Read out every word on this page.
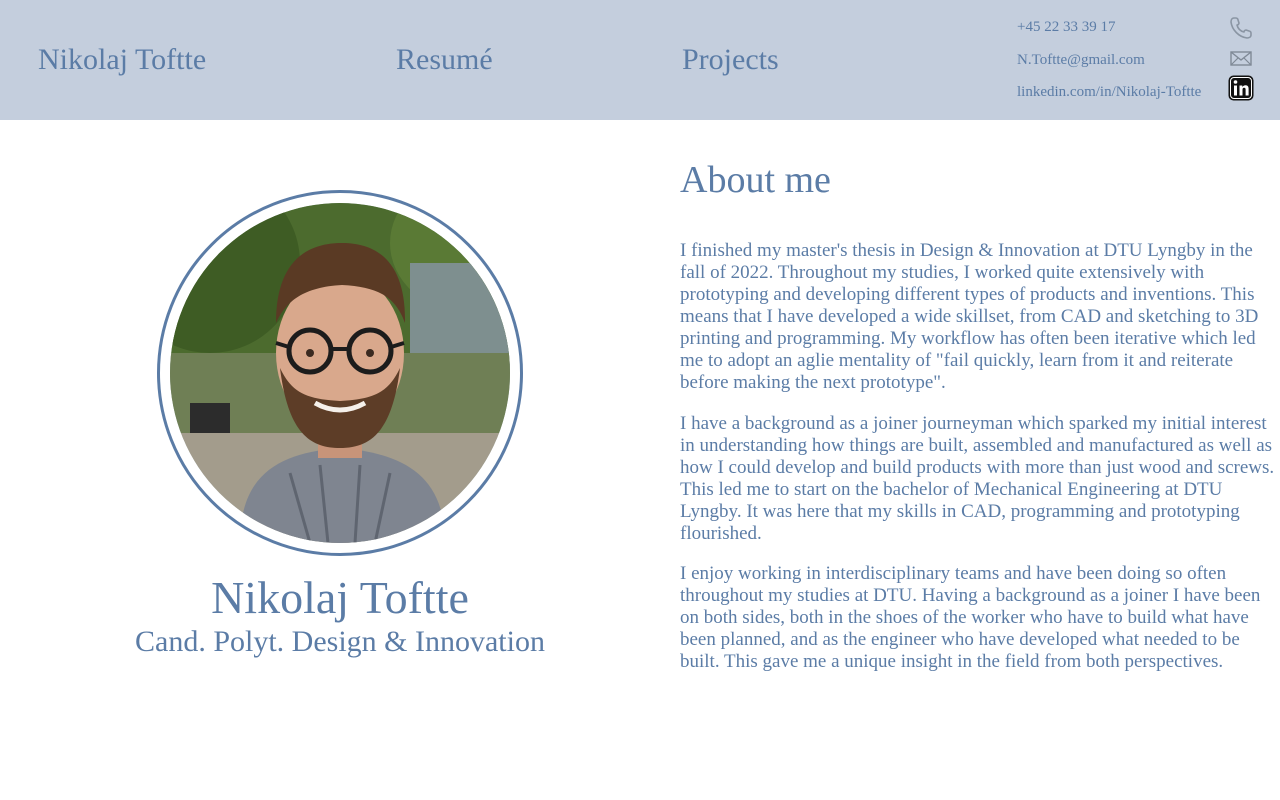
Nikolaj Toftte	Resumé	Projects
+45 22 33 39 17
N.Toftte@gmail.com
linkedin.com/in/Nikolaj-Toftte
Nikolaj Toftte
Cand. Polyt. Design & Innovation
About me

I finished my master's thesis in Design & Innovation at DTU Lyngby in the fall of 2022. Throughout my studies, I worked quite extensively with prototyping and developing different types of products and inventions. This means that I have developed a wide skillset, from CAD and sketching to 3D printing and programming. My workflow has often been iterative which led me to adopt an aglie mentality of "fail quickly, learn from it and reiterate before making the next prototype".

I have a background as a joiner journeyman which sparked my initial interest in understanding how things are built, assembled and manufactured as well as how I could develop and build products with more than just wood and screws. This led me to start on the bachelor of Mechanical Engineering at DTU Lyngby. It was here that my skills in CAD, programming and prototyping flourished.

I enjoy working in interdisciplinary teams and have been doing so often throughout my studies at DTU. Having a background as a joiner I have been on both sides, both in the shoes of the worker who have to build what have been planned, and as the engineer who have developed what needed to be built. This gave me a unique insight in the field from both perspectives.
